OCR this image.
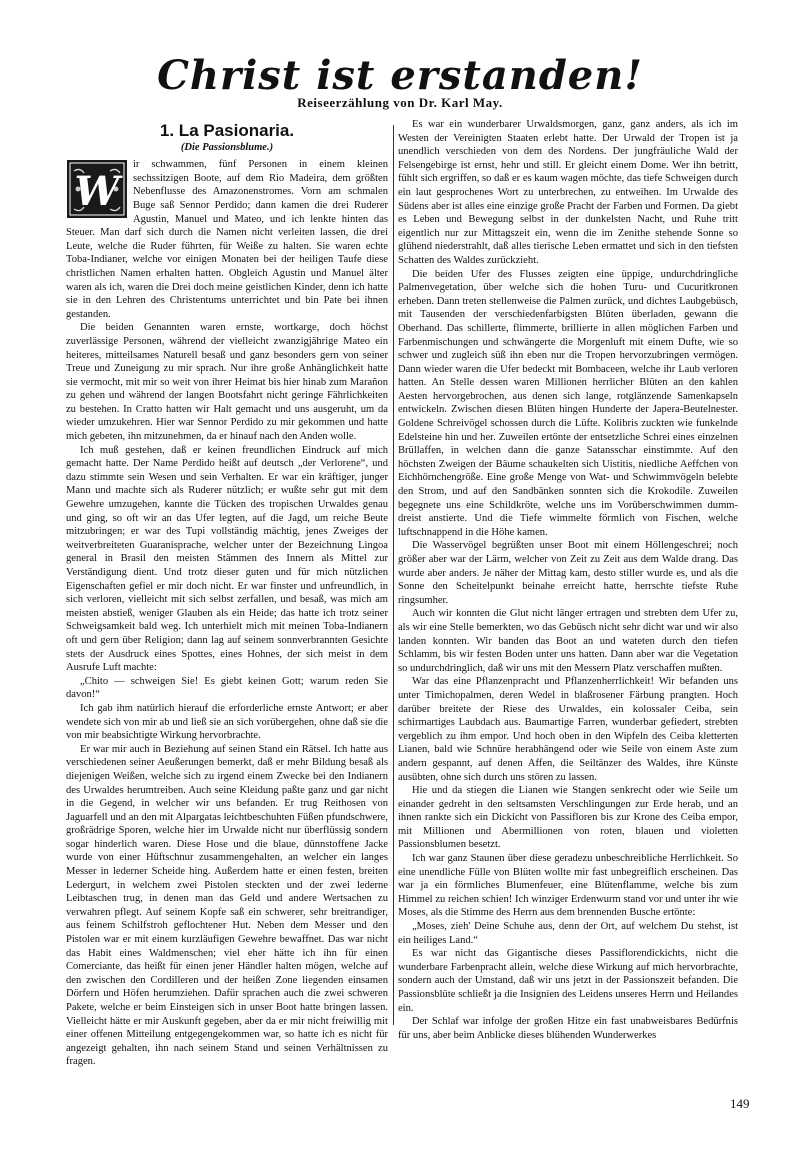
Christ ist erstanden!
Reiseerzählung von Dr. Karl May.
1. La Pasionaria.
(Die Passionsblume.)
W

ir schwammen, fünf Personen in einem kleinen sechssitzigen Boote, auf dem Rio Madeira, dem größten Nebenflusse des Amazonenstromes. Vorn am schmalen Buge saß Sennor Perdido; dann kamen die drei Ruderer Agustin, Manuel und Mateo, und ich lenkte hinten das Steuer. Man darf sich durch die Namen nicht verleiten lassen, die drei Leute, welche die Ruder führten, für Weiße zu halten. Sie waren echte Toba-Indianer, welche vor einigen Monaten bei der heiligen Taufe diese christlichen Namen erhalten hatten. Obgleich Agustin und Manuel älter waren als ich, waren die Drei doch meine geistlichen Kinder, denn ich hatte sie in den Lehren des Christentums unterrichtet und bin Pate bei ihnen gestanden.

Die beiden Genannten waren ernste, wortkarge, doch höchst zuverlässige Personen, während der vielleicht zwanzigjährige Mateo ein heiteres, mitteilsames Naturell besaß und ganz besonders gern von seiner Treue und Zuneigung zu mir sprach. Nur ihre große Anhänglichkeit hatte sie vermocht, mit mir so weit von ihrer Heimat bis hier hinab zum Marañon zu gehen und während der langen Bootsfahrt nicht geringe Fährlichkeiten zu bestehen. In Cratto hatten wir Halt gemacht und uns ausgeruht, um da wieder umzukehren. Hier war Sennor Perdido zu mir gekommen und hatte mich gebeten, ihn mitzunehmen, da er hinauf nach den Anden wolle.

Ich muß gestehen, daß er keinen freundlichen Eindruck auf mich gemacht hatte. Der Name Perdido heißt auf deutsch „der Verlorene“, und dazu stimmte sein Wesen und sein Verhalten. Er war ein kräftiger, junger Mann und machte sich als Ruderer nützlich; er wußte sehr gut mit dem Gewehre umzugehen, kannte die Tücken des tropischen Urwaldes genau und ging, so oft wir an das Ufer legten, auf die Jagd, um reiche Beute mitzubringen; er war des Tupi vollständig mächtig, jenes Zweiges der weitverbreiteten Guaranisprache, welcher unter der Bezeichnung Lingoa general in Brasil den meisten Stämmen des Innern als Mittel zur Verständigung dient. Und trotz dieser guten und für mich nützlichen Eigenschaften gefiel er mir doch nicht. Er war finster und unfreundlich, in sich verloren, vielleicht mit sich selbst zerfallen, und besaß, was mich am meisten abstieß, weniger Glauben als ein Heide; das hatte ich trotz seiner Schweigsamkeit bald weg. Ich unterhielt mich mit meinen Toba-Indianern oft und gern über Religion; dann lag auf seinem sonnverbrannten Gesichte stets der Ausdruck eines Spottes, eines Hohnes, der sich meist in dem Ausrufe Luft machte:

„Chito — schweigen Sie! Es giebt keinen Gott; warum reden Sie davon!“

Ich gab ihm natürlich hierauf die erforderliche ernste Antwort; er aber wendete sich von mir ab und ließ sie an sich vorübergehen, ohne daß sie die von mir beabsichtigte Wirkung hervorbrachte.

Er war mir auch in Beziehung auf seinen Stand ein Rätsel. Ich hatte aus verschiedenen seiner Aeußerungen bemerkt, daß er mehr Bildung besaß als diejenigen Weißen, welche sich zu irgend einem Zwecke bei den Indianern des Urwaldes herumtreiben. Auch seine Kleidung paßte ganz und gar nicht in die Gegend, in welcher wir uns befanden. Er trug Reithosen von Jaguarfell und an den mit Alpargatas leichtbeschuhten Füßen pfundschwere, großrädrige Sporen, welche hier im Urwalde nicht nur überflüssig sondern sogar hinderlich waren. Diese Hose und die blaue, dünnstoffene Jacke wurde von einer Hüftschnur zusammengehalten, an welcher ein langes Messer in lederner Scheide hing. Außerdem hatte er einen festen, breiten Ledergurt, in welchem zwei Pistolen steckten und der zwei lederne Leibtaschen trug, in denen man das Geld und andere Wertsachen zu verwahren pflegt. Auf seinem Kopfe saß ein schwerer, sehr breitrandiger, aus feinem Schilfstroh geflochtener Hut. Neben dem Messer und den Pistolen war er mit einem kurzläufigen Gewehre bewaffnet. Das war nicht das Habit eines Waldmenschen; viel eher hätte ich ihn für einen Comerciante, das heißt für einen jener Händler halten mögen, welche auf den zwischen den Cordilleren und der heißen Zone liegenden einsamen Dörfern und Höfen herumziehen. Dafür sprachen auch die zwei schweren Pakete, welche er beim Einsteigen sich in unser Boot hatte bringen lassen. Vielleicht hätte er mir Auskunft gegeben, aber da er mir nicht freiwillig mit einer offenen Mitteilung entgegengekommen war, so hatte ich es nicht für angezeigt gehalten, ihn nach seinem Stand und seinen Verhältnissen zu fragen.

Es war ein wunderbarer Urwaldsmorgen, ganz, ganz anders, als ich im Westen der Vereinigten Staaten erlebt hatte. Der Urwald der Tropen ist ja unendlich verschieden von dem des Nordens. Der jungfräuliche Wald der Felsengebirge ist ernst, hehr und still. Er gleicht einem Dome. Wer ihn betritt, fühlt sich ergriffen, so daß er es kaum wagen möchte, das tiefe Schweigen durch ein laut gesprochenes Wort zu unterbrechen, zu entweihen. Im Urwalde des Südens aber ist alles eine einzige große Pracht der Farben und Formen. Da giebt es Leben und Bewegung selbst in der dunkelsten Nacht, und Ruhe tritt eigentlich nur zur Mittagszeit ein, wenn die im Zenithe stehende Sonne so glühend niederstrahlt, daß alles tierische Leben ermattet und sich in den tiefsten Schatten des Waldes zurückzieht.

Die beiden Ufer des Flusses zeigten eine üppige, undurchdringliche Palmenvegetation, über welche sich die hohen Turu- und Cucuritkronen erheben. Dann treten stellenweise die Palmen zurück, und dichtes Laubgebüsch, mit Tausenden der verschiedenfarbigsten Blüten überladen, gewann die Oberhand. Das schillerte, flimmerte, brillierte in allen möglichen Farben und Farbenmischungen und schwängerte die Morgenluft mit einem Dufte, wie so schwer und zugleich süß ihn eben nur die Tropen hervorzubringen vermögen. Dann wieder waren die Ufer bedeckt mit Bombaceen, welche ihr Laub verloren hatten. An Stelle dessen waren Millionen herrlicher Blüten an den kahlen Aesten hervorgebrochen, aus denen sich lange, rotglänzende Samenkapseln entwickeln. Zwischen diesen Blüten hingen Hunderte der Japera-Beutelnester. Goldene Schreivögel schossen durch die Lüfte. Kolibris zuckten wie funkelnde Edelsteine hin und her. Zuweilen ertönte der entsetzliche Schrei eines einzelnen Brüllaffen, in welchen dann die ganze Satansschar einstimmte. Auf den höchsten Zweigen der Bäume schaukelten sich Uistitis, niedliche Aeffchen von Eichhörnchengröße. Eine große Menge von Wat- und Schwimmvögeln belebte den Strom, und auf den Sandbänken sonnten sich die Krokodile. Zuweilen begegnete uns eine Schildkröte, welche uns im Vorüberschwimmen dumm-dreist anstierte. Und die Tiefe wimmelte förmlich von Fischen, welche luftschnappend in die Höhe kamen.

Die Wasservögel begrüßten unser Boot mit einem Höllengeschrei; noch größer aber war der Lärm, welcher von Zeit zu Zeit aus dem Walde drang. Das wurde aber anders. Je näher der Mittag kam, desto stiller wurde es, und als die Sonne den Scheitelpunkt beinahe erreicht hatte, herrschte tiefste Ruhe ringsumher.

Auch wir konnten die Glut nicht länger ertragen und strebten dem Ufer zu, als wir eine Stelle bemerkten, wo das Gebüsch nicht sehr dicht war und wir also landen konnten. Wir banden das Boot an und wateten durch den tiefen Schlamm, bis wir festen Boden unter uns hatten. Dann aber war die Vegetation so undurchdringlich, daß wir uns mit den Messern Platz verschaffen mußten.

War das eine Pflanzenpracht und Pflanzenherrlichkeit! Wir befanden uns unter Timichopalmen, deren Wedel in blaßrosener Färbung prangten. Hoch darüber breitete der Riese des Urwaldes, ein kolossaler Ceiba, sein schirmartiges Laubdach aus. Baumartige Farren, wunderbar gefiedert, strebten vergeblich zu ihm empor. Und hoch oben in den Wipfeln des Ceiba kletterten Lianen, bald wie Schnüre herabhängend oder wie Seile von einem Aste zum andern gespannt, auf denen Affen, die Seiltänzer des Waldes, ihre Künste ausübten, ohne sich durch uns stören zu lassen.

Hie und da stiegen die Lianen wie Stangen senkrecht oder wie Seile um einander gedreht in den seltsamsten Verschlingungen zur Erde herab, und an ihnen rankte sich ein Dickicht von Passifloren bis zur Krone des Ceiba empor, mit Millionen und Abermillionen von roten, blauen und violetten Passionsblumen besetzt.

Ich war ganz Staunen über diese geradezu unbeschreibliche Herrlichkeit. So eine unendliche Fülle von Blüten wollte mir fast unbegreiflich erscheinen. Das war ja ein förmliches Blumenfeuer, eine Blütenflamme, welche bis zum Himmel zu reichen schien! Ich winziger Erdenwurm stand vor und unter ihr wie Moses, als die Stimme des Herrn aus dem brennenden Busche ertönte:

„Moses, zieh' Deine Schuhe aus, denn der Ort, auf welchem Du stehst, ist ein heiliges Land.“

Es war nicht das Gigantische dieses Passiflorendickichts, nicht die wunderbare Farbenpracht allein, welche diese Wirkung auf mich hervorbrachte, sondern auch der Umstand, daß wir uns jetzt in der Passionszeit befanden. Die Passionsblüte schließt ja die Insignien des Leidens unseres Herrn und Heilandes ein.

Der Schlaf war infolge der großen Hitze ein fast unabweisbares Bedürfnis für uns, aber beim Anblicke dieses blühenden Wunderwerkes

149
